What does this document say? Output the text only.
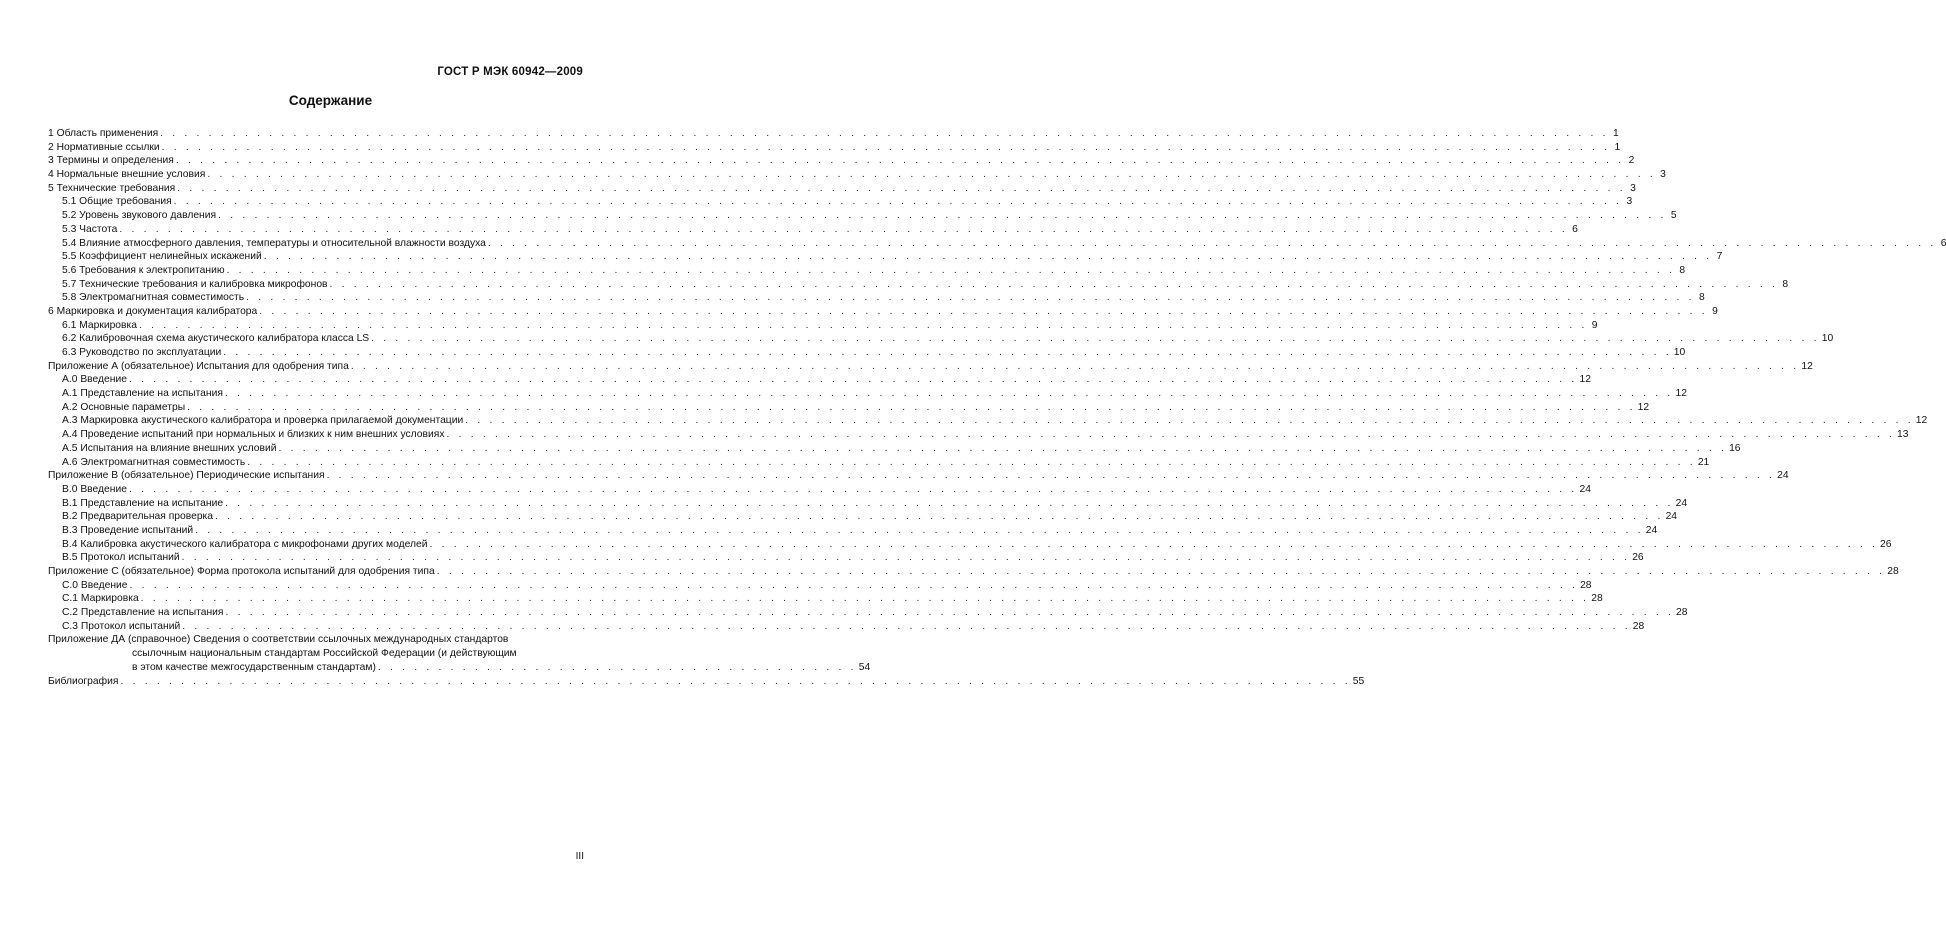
ГОСТ Р МЭК 60942—2009
Содержание
1 Область применения . . . . . . . . . . . . . . . . . . . . . . . . . . . . . . . . . . . . . . . . . . . . . . . . . . . . . . . . . . . . . . . . . . . . . . . . . . . . . . . . . . . . . . . . . . . . . . . . . . . . . . . . . . . . . . . . . . . . . . . . 1
2 Нормативные ссылки . . . . . . . . . . . . . . . . . . . . . . . . . . . . . . . . . . . . . . . . . . . . . . . . . . . . . . . . . . . . . . . . . . . . . . . . . . . . . . . . . . . . . . . . . . . . . . . . . . . . . . . . . . . . . . . . . . . . . . . . 1
3 Термины и определения . . . . . . . . . . . . . . . . . . . . . . . . . . . . . . . . . . . . . . . . . . . . . . . . . . . . . . . . . . . . . . . . . . . . . . . . . . . . . . . . . . . . . . . . . . . . . . . . . . . . . . . . . . . . . . . . . . . . . . . . 2
4 Нормальные внешние условия . . . . . . . . . . . . . . . . . . . . . . . . . . . . . . . . . . . . . . . . . . . . . . . . . . . . . . . . . . . . . . . . . . . . . . . . . . . . . . . . . . . . . . . . . . . . . . . . . . . . . . . . . . . . . . . . . . . . . . . . 3
5 Технические требования . . . . . . . . . . . . . . . . . . . . . . . . . . . . . . . . . . . . . . . . . . . . . . . . . . . . . . . . . . . . . . . . . . . . . . . . . . . . . . . . . . . . . . . . . . . . . . . . . . . . . . . . . . . . . . . . . . . . . . . . 3
5.1 Общие требования . . . . . . . . . . . . . . . . . . . . . . . . . . . . . . . . . . . . . . . . . . . . . . . . . . . . . . . . . . . . . . . . . . . . . . . . . . . . . . . . . . . . . . . . . . . . . . . . . . . . . . . . . . . . . . . . . . . . . . . . 3
5.2 Уровень звукового давления . . . . . . . . . . . . . . . . . . . . . . . . . . . . . . . . . . . . . . . . . . . . . . . . . . . . . . . . . . . . . . . . . . . . . . . . . . . . . . . . . . . . . . . . . . . . . . . . . . . . . . . . . . . . . . . . . . . . . . . . 5
5.3 Частота . . . . . . . . . . . . . . . . . . . . . . . . . . . . . . . . . . . . . . . . . . . . . . . . . . . . . . . . . . . . . . . . . . . . . . . . . . . . . . . . . . . . . . . . . . . . . . . . . . . . . . . . . . . . . . . . . . . . . . . . 6
5.4 Влияние атмосферного давления, температуры и относительной влажности воздуха . . . . . . . . . . . . . . . . . . . . . . . . . . . . . . . . . . . . . . . . . . . . . . . . . . . . . . . . . . . . . . . . . . . . . . . . . . . . . . . . . . . . . . . . . . . . . . . . . . . . . . . . . . . . . . . . . . . . . . . . 6
5.5 Коэффициент нелинейных искажений . . . . . . . . . . . . . . . . . . . . . . . . . . . . . . . . . . . . . . . . . . . . . . . . . . . . . . . . . . . . . . . . . . . . . . . . . . . . . . . . . . . . . . . . . . . . . . . . . . . . . . . . . . . . . . . . . . . . . . . . 7
5.6 Требования к электропитанию . . . . . . . . . . . . . . . . . . . . . . . . . . . . . . . . . . . . . . . . . . . . . . . . . . . . . . . . . . . . . . . . . . . . . . . . . . . . . . . . . . . . . . . . . . . . . . . . . . . . . . . . . . . . . . . . . . . . . . . . 8
5.7 Технические требования и калибровка микрофонов . . . . . . . . . . . . . . . . . . . . . . . . . . . . . . . . . . . . . . . . . . . . . . . . . . . . . . . . . . . . . . . . . . . . . . . . . . . . . . . . . . . . . . . . . . . . . . . . . . . . . . . . . . . . . . . . . . . . . . . . 8
5.8 Электромагнитная совместимость . . . . . . . . . . . . . . . . . . . . . . . . . . . . . . . . . . . . . . . . . . . . . . . . . . . . . . . . . . . . . . . . . . . . . . . . . . . . . . . . . . . . . . . . . . . . . . . . . . . . . . . . . . . . . . . . . . . . . . . . 8
6 Маркировка и документация калибратора . . . . . . . . . . . . . . . . . . . . . . . . . . . . . . . . . . . . . . . . . . . . . . . . . . . . . . . . . . . . . . . . . . . . . . . . . . . . . . . . . . . . . . . . . . . . . . . . . . . . . . . . . . . . . . . . . . . . . . . . 9
6.1 Маркировка . . . . . . . . . . . . . . . . . . . . . . . . . . . . . . . . . . . . . . . . . . . . . . . . . . . . . . . . . . . . . . . . . . . . . . . . . . . . . . . . . . . . . . . . . . . . . . . . . . . . . . . . . . . . . . . . . . . . . . . . 9
6.2 Калибровочная схема акустического калибратора класса LS . . . . . . . . . . . . . . . . . . . . . . . . . . . . . . . . . . . . . . . . . . . . . . . . . . . . . . . . . . . . . . . . . . . . . . . . . . . . . . . . . . . . . . . . . . . . . . . . . . . . . . . . . . . . . . . . . . . . . . . . 10
6.3 Руководство по эксплуатации . . . . . . . . . . . . . . . . . . . . . . . . . . . . . . . . . . . . . . . . . . . . . . . . . . . . . . . . . . . . . . . . . . . . . . . . . . . . . . . . . . . . . . . . . . . . . . . . . . . . . . . . . . . . . . . . . . . . . . . . 10
Приложение А (обязательное) Испытания для одобрения типа . . . . . . . . . . . . . . . . . . . . . . . . . . . . . . . . . . . . . . . . . . . . . . . . . . . . . . . . . . . . . . . . . . . . . . . . . . . . . . . . . . . . . . . . . . . . . . . . . . . . . . . . . . . . . . . . . . . . . . . . 12
А.0 Введение . . . . . . . . . . . . . . . . . . . . . . . . . . . . . . . . . . . . . . . . . . . . . . . . . . . . . . . . . . . . . . . . . . . . . . . . . . . . . . . . . . . . . . . . . . . . . . . . . . . . . . . . . . . . . . . . . . . . . . . . 12
А.1 Представление на испытания . . . . . . . . . . . . . . . . . . . . . . . . . . . . . . . . . . . . . . . . . . . . . . . . . . . . . . . . . . . . . . . . . . . . . . . . . . . . . . . . . . . . . . . . . . . . . . . . . . . . . . . . . . . . . . . . . . . . . . . . 12
А.2 Основные параметры . . . . . . . . . . . . . . . . . . . . . . . . . . . . . . . . . . . . . . . . . . . . . . . . . . . . . . . . . . . . . . . . . . . . . . . . . . . . . . . . . . . . . . . . . . . . . . . . . . . . . . . . . . . . . . . . . . . . . . . . 12
А.3 Маркировка акустического калибратора и проверка прилагаемой документации . . . . . . . . . . . . . . . . . . . . . . . . . . . . . . . . . . . . . . . . . . . . . . . . . . . . . . . . . . . . . . . . . . . . . . . . . . . . . . . . . . . . . . . . . . . . . . . . . . . . . . . . . . . . . . . . . . . . . . . . 12
А.4 Проведение испытаний при нормальных и близких к ним внешних условиях . . . . . . . . . . . . . . . . . . . . . . . . . . . . . . . . . . . . . . . . . . . . . . . . . . . . . . . . . . . . . . . . . . . . . . . . . . . . . . . . . . . . . . . . . . . . . . . . . . . . . . . . . . . . . . . . . . . . . . . . 13
А.5 Испытания на влияние внешних условий . . . . . . . . . . . . . . . . . . . . . . . . . . . . . . . . . . . . . . . . . . . . . . . . . . . . . . . . . . . . . . . . . . . . . . . . . . . . . . . . . . . . . . . . . . . . . . . . . . . . . . . . . . . . . . . . . . . . . . . . 16
А.6 Электромагнитная совместимость . . . . . . . . . . . . . . . . . . . . . . . . . . . . . . . . . . . . . . . . . . . . . . . . . . . . . . . . . . . . . . . . . . . . . . . . . . . . . . . . . . . . . . . . . . . . . . . . . . . . . . . . . . . . . . . . . . . . . . . . 21
Приложение В (обязательное) Периодические испытания . . . . . . . . . . . . . . . . . . . . . . . . . . . . . . . . . . . . . . . . . . . . . . . . . . . . . . . . . . . . . . . . . . . . . . . . . . . . . . . . . . . . . . . . . . . . . . . . . . . . . . . . . . . . . . . . . . . . . . . . 24
В.0 Введение . . . . . . . . . . . . . . . . . . . . . . . . . . . . . . . . . . . . . . . . . . . . . . . . . . . . . . . . . . . . . . . . . . . . . . . . . . . . . . . . . . . . . . . . . . . . . . . . . . . . . . . . . . . . . . . . . . . . . . . . 24
В.1 Представление на испытание . . . . . . . . . . . . . . . . . . . . . . . . . . . . . . . . . . . . . . . . . . . . . . . . . . . . . . . . . . . . . . . . . . . . . . . . . . . . . . . . . . . . . . . . . . . . . . . . . . . . . . . . . . . . . . . . . . . . . . . . 24
В.2 Предварительная проверка . . . . . . . . . . . . . . . . . . . . . . . . . . . . . . . . . . . . . . . . . . . . . . . . . . . . . . . . . . . . . . . . . . . . . . . . . . . . . . . . . . . . . . . . . . . . . . . . . . . . . . . . . . . . . . . . . . . . . . . . 24
В.3 Проведение испытаний . . . . . . . . . . . . . . . . . . . . . . . . . . . . . . . . . . . . . . . . . . . . . . . . . . . . . . . . . . . . . . . . . . . . . . . . . . . . . . . . . . . . . . . . . . . . . . . . . . . . . . . . . . . . . . . . . . . . . . . . 24
В.4 Калибровка акустического калибратора с микрофонами других моделей . . . . . . . . . . . . . . . . . . . . . . . . . . . . . . . . . . . . . . . . . . . . . . . . . . . . . . . . . . . . . . . . . . . . . . . . . . . . . . . . . . . . . . . . . . . . . . . . . . . . . . . . . . . . . . . . . . . . . . . . 26
В.5 Протокол испытаний . . . . . . . . . . . . . . . . . . . . . . . . . . . . . . . . . . . . . . . . . . . . . . . . . . . . . . . . . . . . . . . . . . . . . . . . . . . . . . . . . . . . . . . . . . . . . . . . . . . . . . . . . . . . . . . . . . . . . . . . 26
Приложение С (обязательное) Форма протокола испытаний для одобрения типа . . . . . . . . . . . . . . . . . . . . . . . . . . . . . . . . . . . . . . . . . . . . . . . . . . . . . . . . . . . . . . . . . . . . . . . . . . . . . . . . . . . . . . . . . . . . . . . . . . . . . . . . . . . . . . . . . . . . . . . . 28
С.0 Введение . . . . . . . . . . . . . . . . . . . . . . . . . . . . . . . . . . . . . . . . . . . . . . . . . . . . . . . . . . . . . . . . . . . . . . . . . . . . . . . . . . . . . . . . . . . . . . . . . . . . . . . . . . . . . . . . . . . . . . . . 28
С.1 Маркировка . . . . . . . . . . . . . . . . . . . . . . . . . . . . . . . . . . . . . . . . . . . . . . . . . . . . . . . . . . . . . . . . . . . . . . . . . . . . . . . . . . . . . . . . . . . . . . . . . . . . . . . . . . . . . . . . . . . . . . . . 28
С.2 Представление на испытания . . . . . . . . . . . . . . . . . . . . . . . . . . . . . . . . . . . . . . . . . . . . . . . . . . . . . . . . . . . . . . . . . . . . . . . . . . . . . . . . . . . . . . . . . . . . . . . . . . . . . . . . . . . . . . . . . . . . . . . . 28
С.3 Протокол испытаний . . . . . . . . . . . . . . . . . . . . . . . . . . . . . . . . . . . . . . . . . . . . . . . . . . . . . . . . . . . . . . . . . . . . . . . . . . . . . . . . . . . . . . . . . . . . . . . . . . . . . . . . . . . . . . . . . . . . . . . . 28
Приложение ДА (справочное) Сведения о соответствии ссылочных международных стандартов
ссылочным национальным стандартам Российской Федерации (и действующим
в этом качестве межгосударственным стандартам) . . . . . . . . . . . . . . . . . . . . . . . . . . . . . . . . . . . . . . . . 54
Библиография . . . . . . . . . . . . . . . . . . . . . . . . . . . . . . . . . . . . . . . . . . . . . . . . . . . . . . . . . . . . . . . . . . . . . . . . . . . . . . . . . . . . . . . . . . . . . . . . . . . . . . 55
III
